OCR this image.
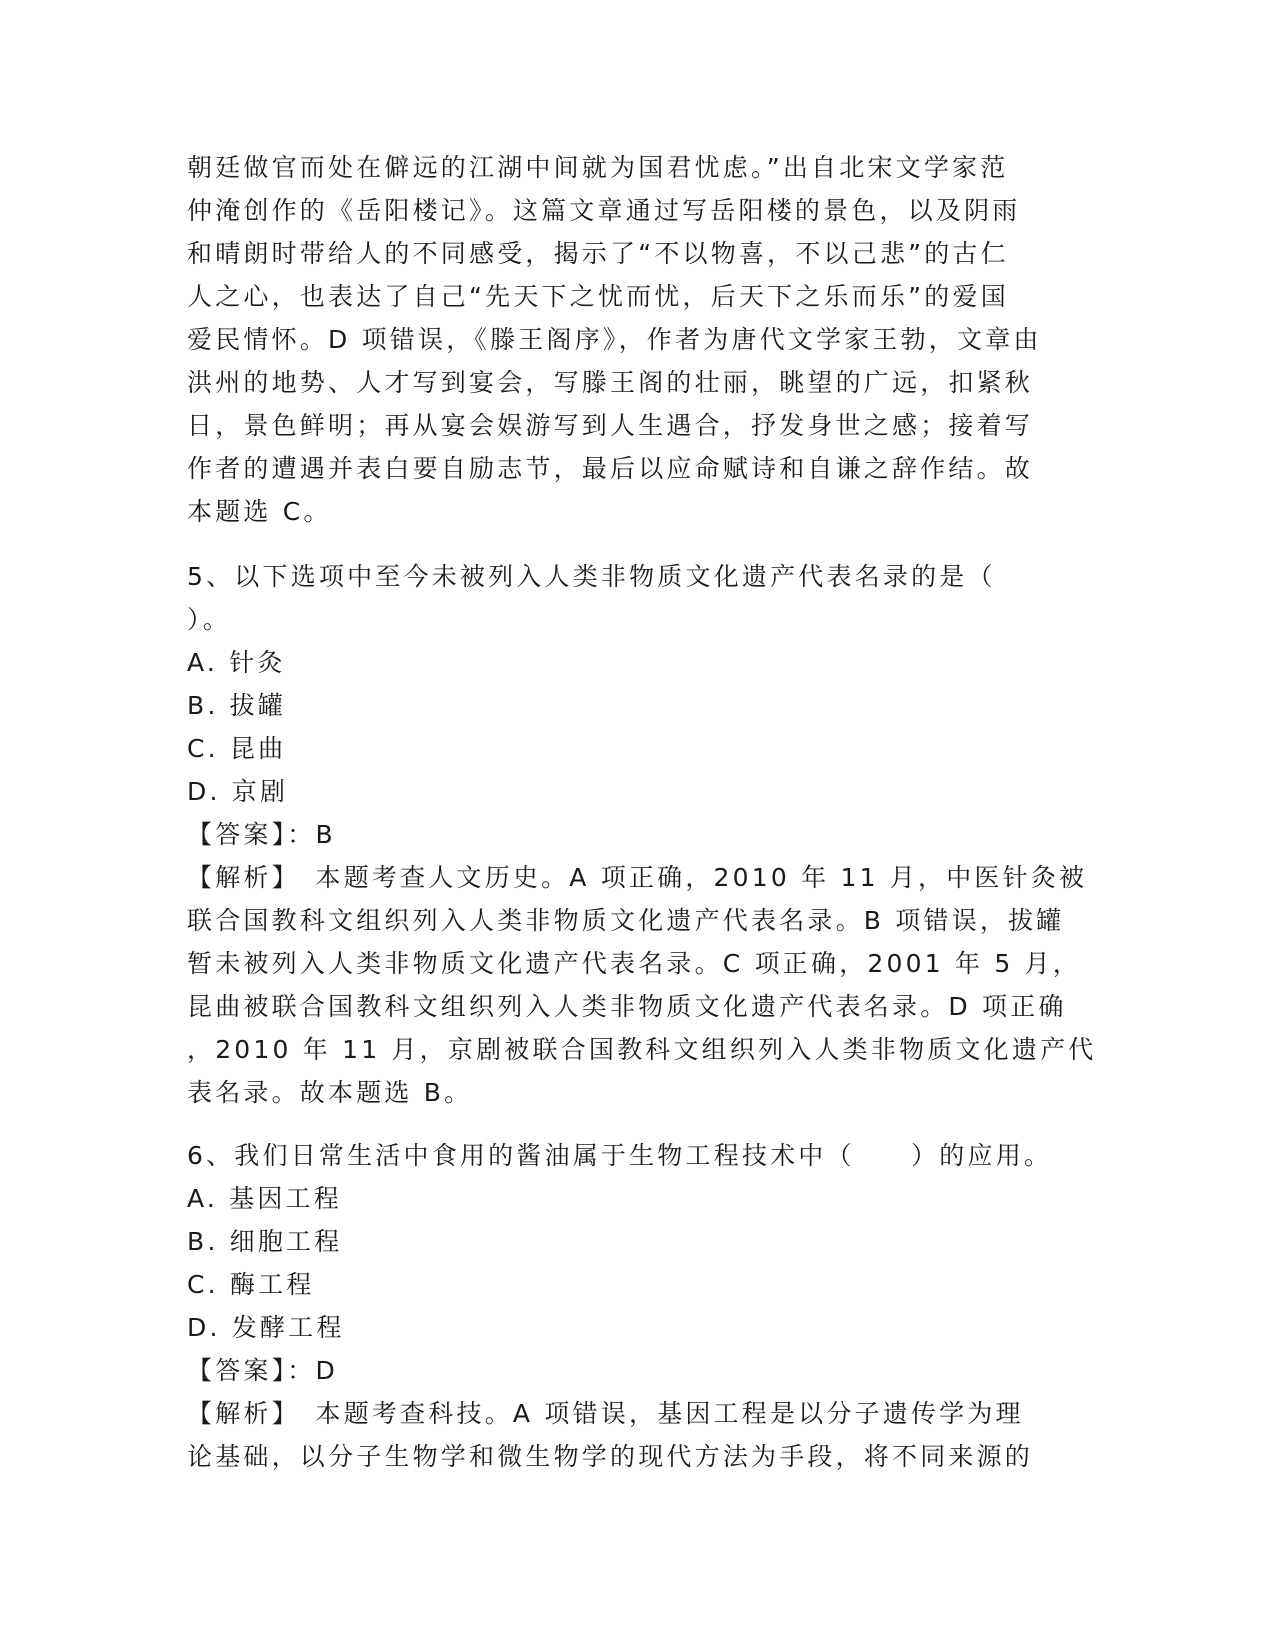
朝廷做官而处在僻远的江湖中间就为国君忧虑。”出自北宋文学家范
仲淹创作的《岳阳楼记》。这篇文章通过写岳阳楼的景色，以及阴雨
和晴朗时带给人的不同感受，揭示了“不以物喜，不以己悲”的古仁
人之心，也表达了自己“先天下之忧而忧，后天下之乐而乐”的爱国
爱民情怀。D 项错误，《滕王阁序》，作者为唐代文学家王勃，文章由
洪州的地势、人才写到宴会，写滕王阁的壮丽，眺望的广远，扣紧秋
日，景色鲜明；再从宴会娱游写到人生遇合，抒发身世之感；接着写
作者的遭遇并表白要自励志节，最后以应命赋诗和自谦之辞作结。故
本题选 C。
5、以下选项中至今未被列入人类非物质文化遗产代表名录的是（
）。
A. 针灸
B. 拔罐
C. 昆曲
D. 京剧
【答案】：B
【解析】　本题考查人文历史。A 项正确，2010 年 11 月，中医针灸被
联合国教科文组织列入人类非物质文化遗产代表名录。B 项错误，拔罐
暂未被列入人类非物质文化遗产代表名录。C 项正确，2001 年 5 月，
昆曲被联合国教科文组织列入人类非物质文化遗产代表名录。D 项正确
，2010 年 11 月，京剧被联合国教科文组织列入人类非物质文化遗产代
表名录。故本题选 B。
6、我们日常生活中食用的酱油属于生物工程技术中（　　）的应用。
A. 基因工程
B. 细胞工程
C. 酶工程
D. 发酵工程
【答案】：D
【解析】　本题考查科技。A 项错误，基因工程是以分子遗传学为理
论基础，以分子生物学和微生物学的现代方法为手段，将不同来源的
